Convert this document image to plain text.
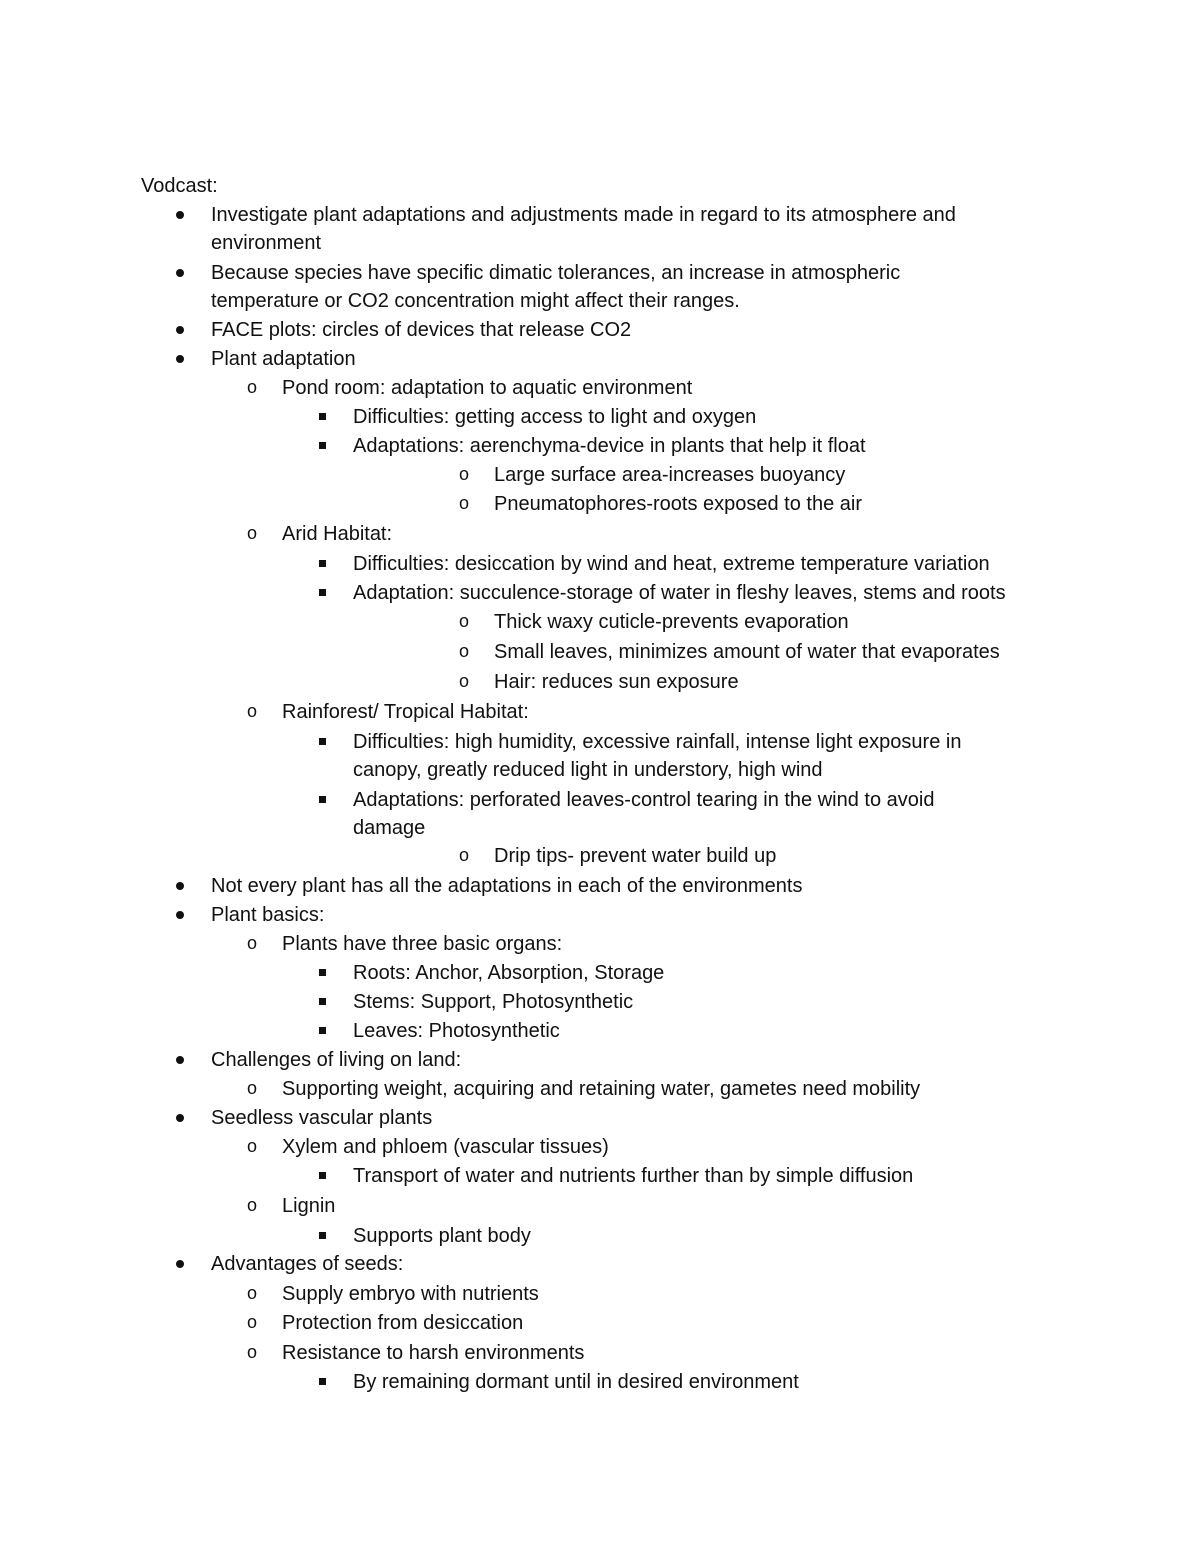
Vodcast:
Investigate plant adaptations and adjustments made in regard to its atmosphere and
environment
Because species have specific dimatic tolerances, an increase in atmospheric
temperature or CO2 concentration might affect their ranges.
FACE plots: circles of devices that release CO2
Plant adaptation
o Pond room: adaptation to aquatic environment
Difficulties: getting access to light and oxygen
Adaptations: aerenchyma-device in plants that help it float
o Large surface area-increases buoyancy
o Pneumatophores-roots exposed to the air
o Arid Habitat:
Difficulties: desiccation by wind and heat, extreme temperature variation
Adaptation: succulence-storage of water in fleshy leaves, stems and roots
o Thick waxy cuticle-prevents evaporation
o Small leaves, minimizes amount of water that evaporates
o Hair: reduces sun exposure
o Rainforest/ Tropical Habitat:
Difficulties: high humidity, excessive rainfall, intense light exposure in
canopy, greatly reduced light in understory, high wind
Adaptations: perforated leaves-control tearing in the wind to avoid
damage
o Drip tips- prevent water build up
Not every plant has all the adaptations in each of the environments
Plant basics:
o Plants have three basic organs:
Roots: Anchor, Absorption, Storage
Stems: Support, Photosynthetic
Leaves: Photosynthetic
Challenges of living on land:
o Supporting weight, acquiring and retaining water, gametes need mobility
Seedless vascular plants
o Xylem and phloem (vascular tissues)
Transport of water and nutrients further than by simple diffusion
o Lignin
Supports plant body
Advantages of seeds:
o Supply embryo with nutrients
o Protection from desiccation
o Resistance to harsh environments
By remaining dormant until in desired environment
